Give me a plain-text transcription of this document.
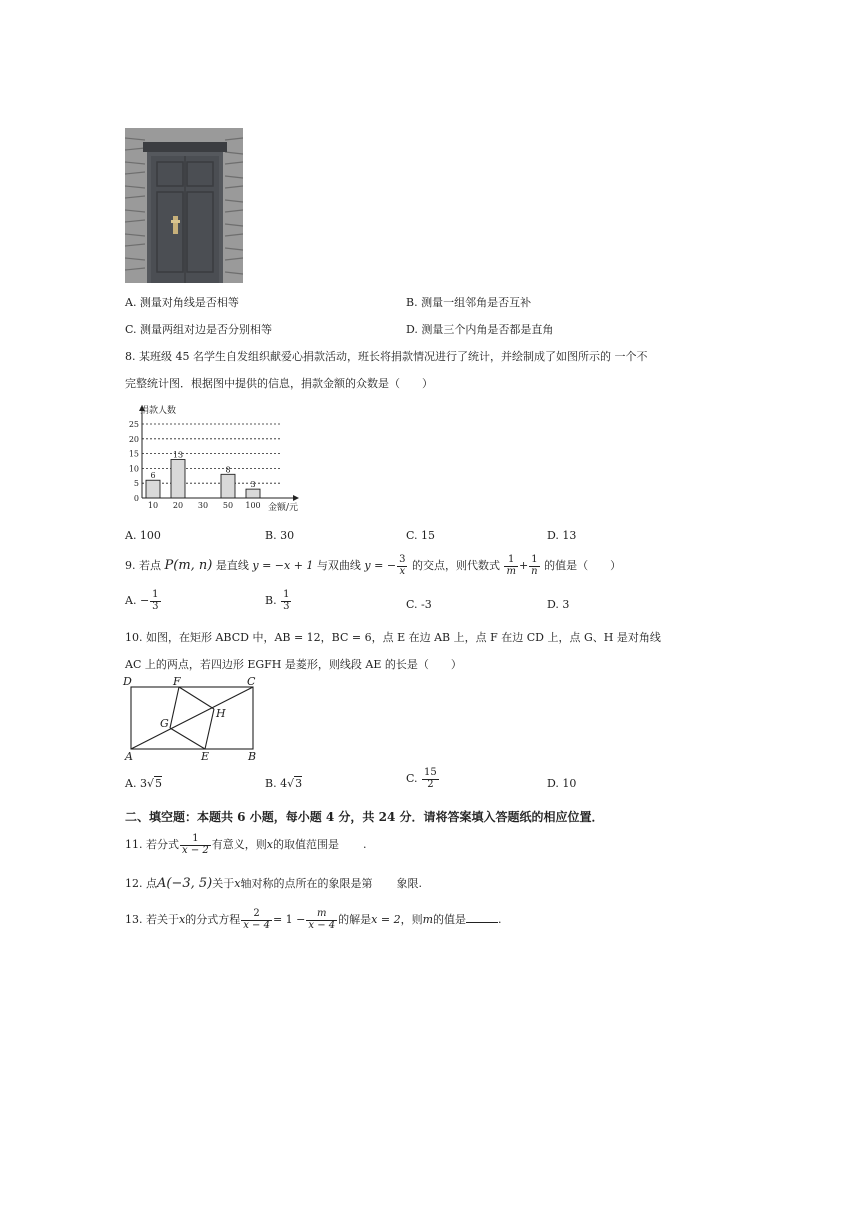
A. 测量对角线是否相等	B. 测量一组邻角是否互补
C. 测量两组对边是否分别相等	D. 测量三个内角是否都是直角
8. 某班级 45 名学生自发组织献爱心捐款活动，班长将捐款情况进行了统计，并绘制成了如图所示的 一个不
完整统计图．根据图中提供的信息，捐款金额的众数是（　　）
6
13
8
3
0
5
10
15
20
25
10 20 30 50 100
捐款人数
金额/元
A. 100	B. 30	C. 15	D. 13
9. 若点 P(m, n) 是直线 y = −x + 1 与双曲线 y = − $\frac{3}{x}$ 的交点，则代数式 $\frac{1}{m} + \frac{1}{n}$ 的值是（　　）
A. − $\frac{1}{3}$	B. $\frac{1}{3}$	C. -3	D. 3
10. 如图，在矩形 ABCD 中，AB = 12，BC = 6，点 E 在边 AB 上，点 F 在边 CD 上，点 G、H 是对角线
AC 上的两点，若四边形 EGFH 是菱形，则线段 AE 的长是（　　）
D	F	C
G
H
A	E	B
A. 3√5	B. 4√3	C. $\frac{15}{2}$	D. 10
二、填空题：本题共 6 小题，每小题 4 分，共 24 分．请将答案填入答题纸的相应位置．
11. 若分式 $\frac{1}{x - 2}$ 有意义，则x的取值范围是 .
12. 点A(−3, 5)关于x轴对称的点所在的象限是第 象限.
13. 若关于x的分式方程 $\frac{2}{x - 4} = 1 - \frac{m}{x - 4}$ 的解是x = 2，则m的值是	.
